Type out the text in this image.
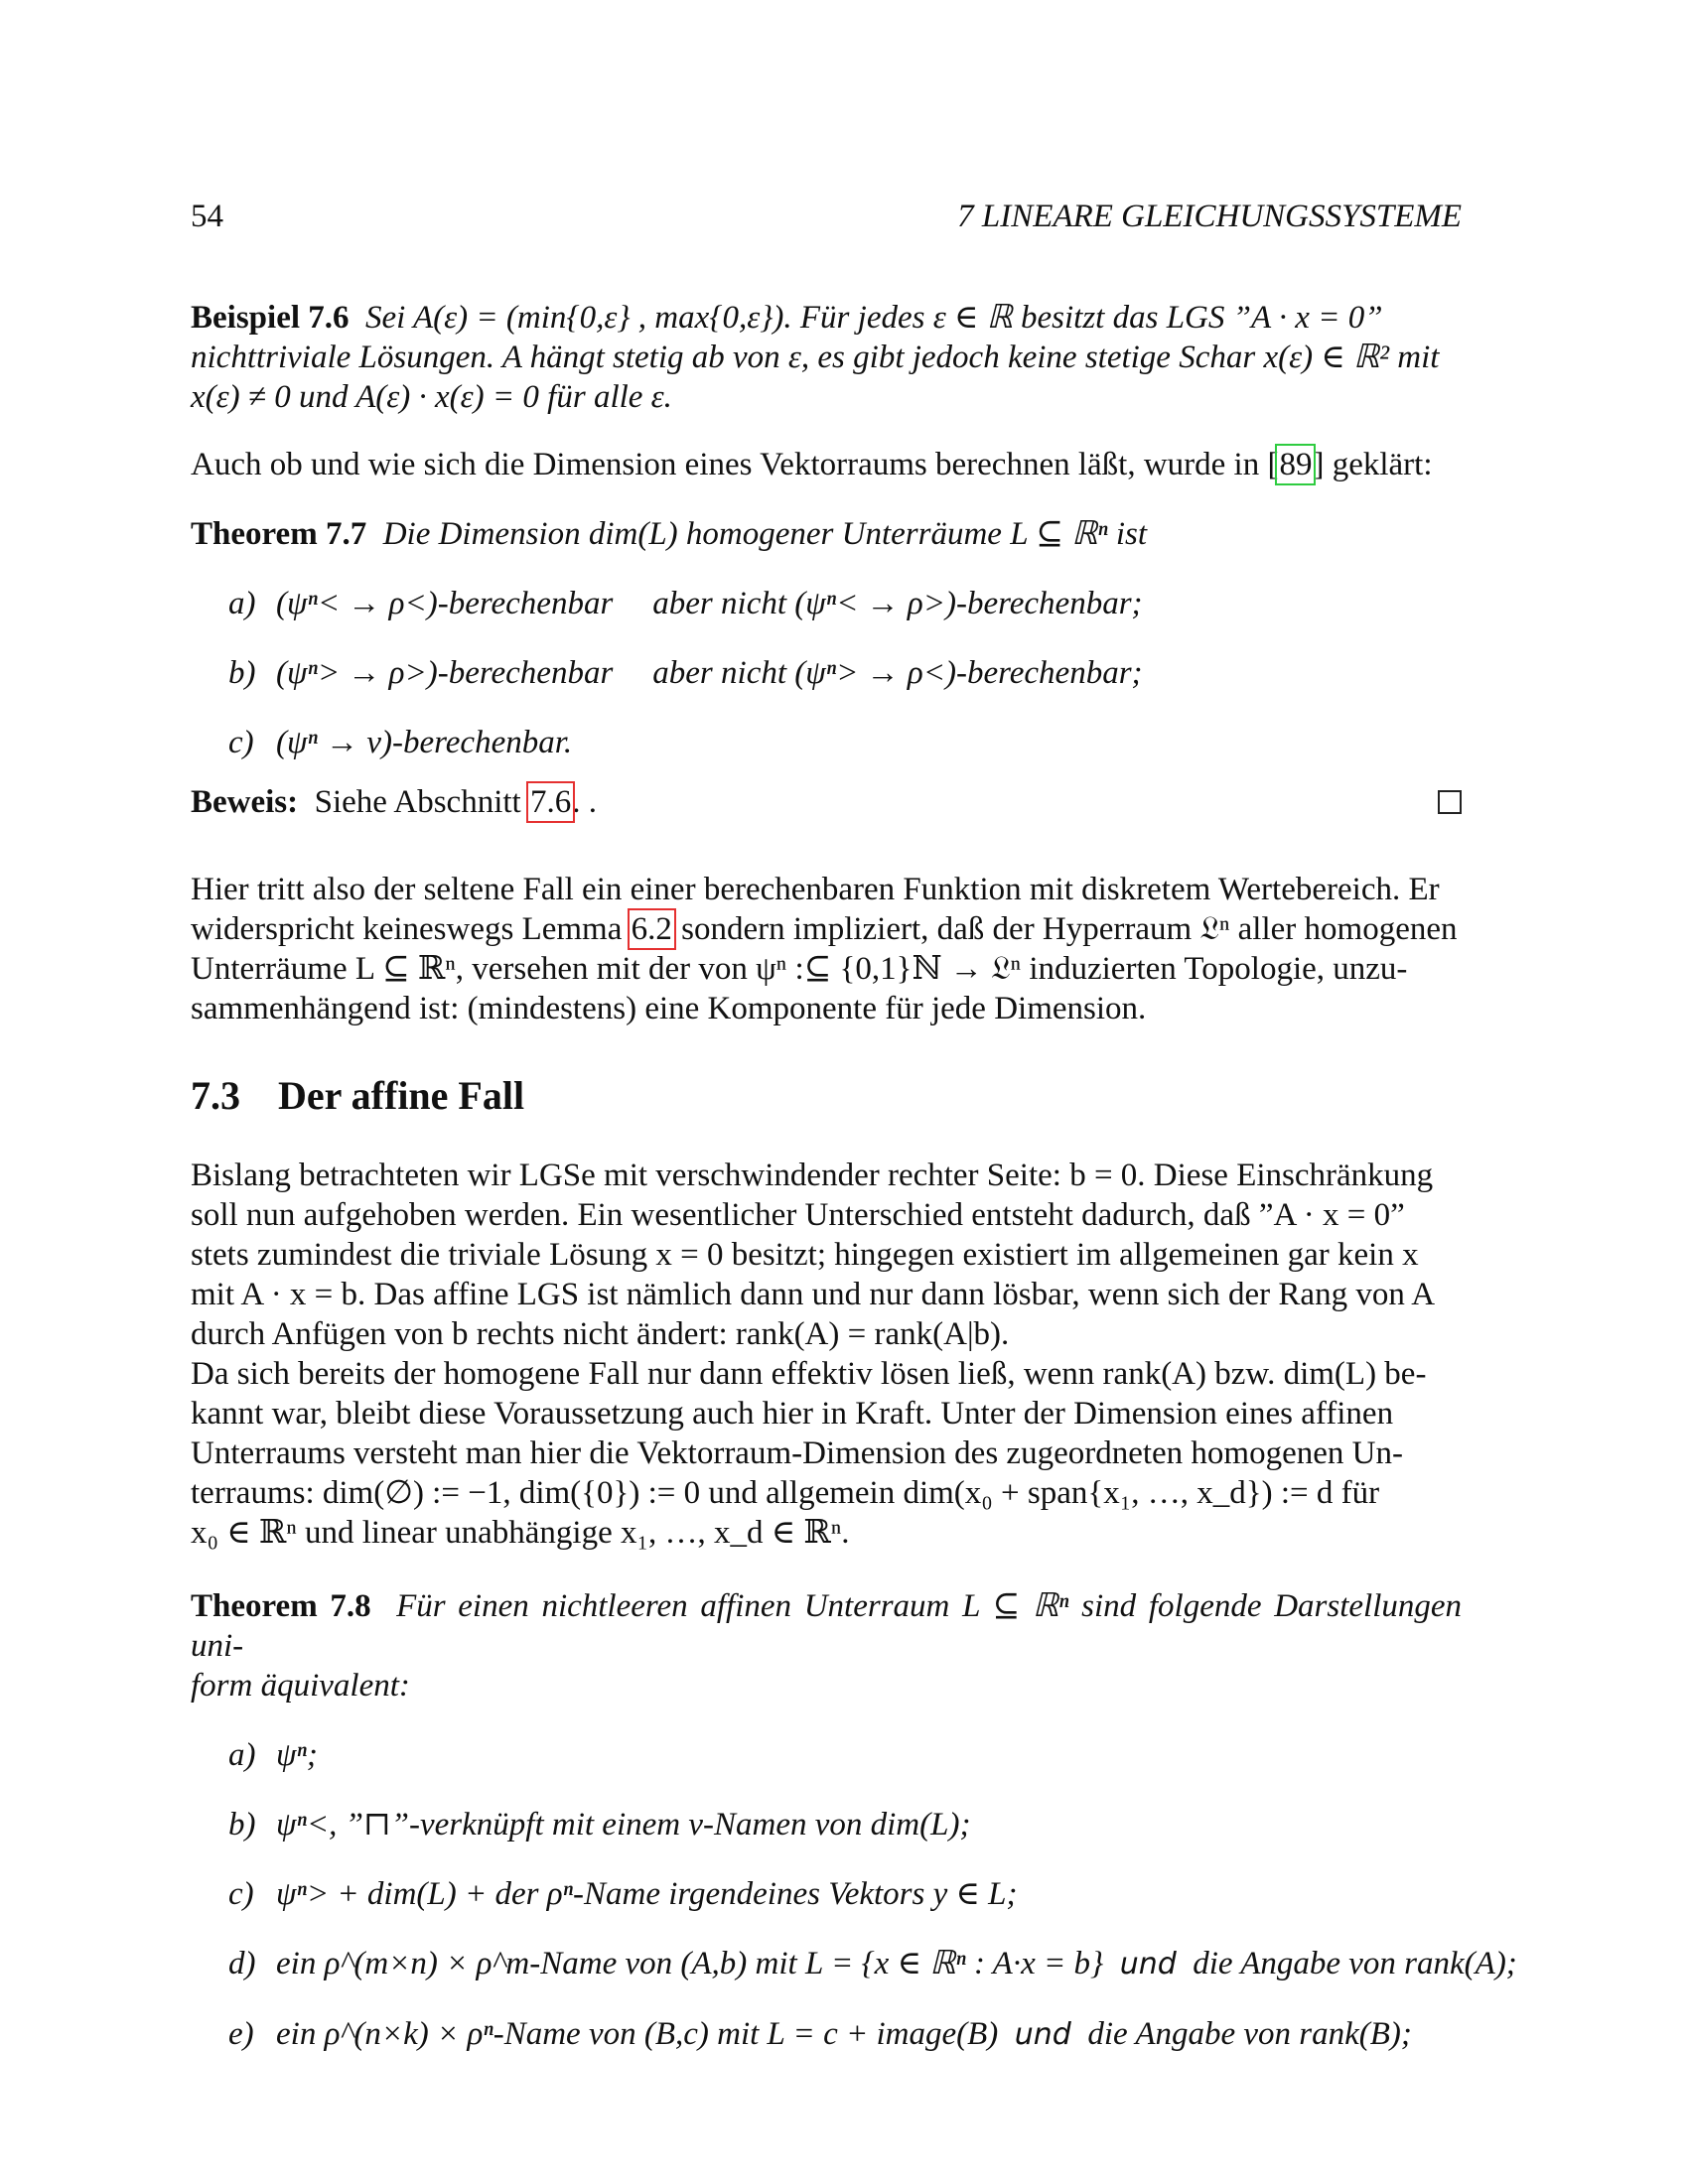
54	7 LINEARE GLEICHUNGSSYSTEME

Beispiel 7.6 Sei A(ε) = (min{0,ε} , max{0,ε}). Für jedes ε ∈ ℝ besitzt das LGS ”A · x = 0”

nichttriviale Lösungen. A hängt stetig ab von ε, es gibt jedoch keine stetige Schar x(ε) ∈ ℝ² mit

x(ε) ≠ 0 und A(ε) · x(ε) = 0 für alle ε.

Auch ob und wie sich die Dimension eines Vektorraums berechnen läßt, wurde in [89] geklärt:

Theorem 7.7 Die Dimension dim(L) homogener Unterräume L ⊆ ℝⁿ ist

a) (ψⁿ< → ρ<)-berechenbar aber nicht (ψⁿ< → ρ>)-berechenbar;
b) (ψⁿ> → ρ>)-berechenbar aber nicht (ψⁿ> → ρ<)-berechenbar;
c) (ψⁿ → ν)-berechenbar.

Beweis: Siehe Abschnitt 7.6. .

Hier tritt also der seltene Fall ein einer berechenbaren Funktion mit diskretem Wertebereich. Er

widerspricht keineswegs Lemma 6.2 sondern impliziert, daß der Hyperraum 𝔏ⁿ aller homogenen

Unterräume L ⊆ ℝⁿ, versehen mit der von ψⁿ :⊆ {0,1}ℕ → 𝔏ⁿ induzierten Topologie, unzu-

sammenhängend ist: (mindestens) eine Komponente für jede Dimension.

7.3 Der affine Fall

Bislang betrachteten wir LGSe mit verschwindender rechter Seite: b = 0. Diese Einschränkung

soll nun aufgehoben werden. Ein wesentlicher Unterschied entsteht dadurch, daß ”A · x = 0”

stets zumindest die triviale Lösung x = 0 besitzt; hingegen existiert im allgemeinen gar kein x

mit A · x = b. Das affine LGS ist nämlich dann und nur dann lösbar, wenn sich der Rang von A

durch Anfügen von b rechts nicht ändert: rank(A) = rank(A|b).

Da sich bereits der homogene Fall nur dann effektiv lösen ließ, wenn rank(A) bzw. dim(L) be-

kannt war, bleibt diese Voraussetzung auch hier in Kraft. Unter der Dimension eines affinen

Unterraums versteht man hier die Vektorraum-Dimension des zugeordneten homogenen Un-

terraums: dim(∅) := −1, dim({0}) := 0 und allgemein dim(x₀ + span{x₁, …, x_d}) := d für

x₀ ∈ ℝⁿ und linear unabhängige x₁, …, x_d ∈ ℝⁿ.

Theorem 7.8 Für einen nichtleeren affinen Unterraum L ⊆ ℝⁿ sind folgende Darstellungen uni-

form äquivalent:

a) ψⁿ;
b) ψⁿ<, ”⊓”-verknüpft mit einem ν-Namen von dim(L);
c) ψⁿ> + dim(L) + der ρⁿ-Name irgendeines Vektors y ∈ L;
d) ein ρ^(m×n) × ρ^m-Name von (A,b) mit L = {x ∈ ℝⁿ : A·x = b} und die Angabe von rank(A);
e) ein ρ^(n×k) × ρⁿ-Name von (B,c) mit L = c + image(B) und die Angabe von rank(B);
